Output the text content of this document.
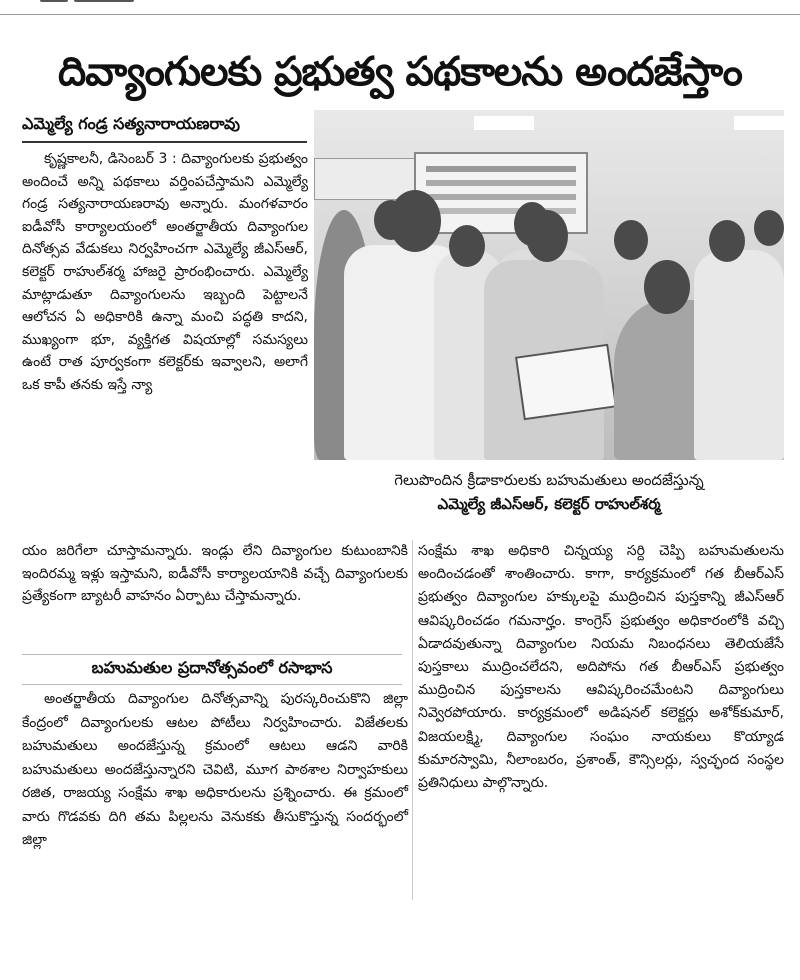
దివ్యాంగులకు ప్రభుత్వ పథకాలను అందజేస్తాం
ఎమ్మెల్యే గండ్ర సత్యనారాయణరావు

కృష్ణకాలనీ, డిసెంబర్ 3 : దివ్యాంగులకు ప్రభుత్వం అందించే అన్ని పథకాలు వర్తింపచేస్తామని ఎమ్మెల్యే గండ్ర సత్యనారాయణరావు అన్నారు. మంగళవారం ఐడీవోసీ కార్యాలయంలో అంతర్జాతీయ దివ్యాంగుల దినోత్సవ వేడుకలు నిర్వహించగా ఎమ్మెల్యే జీఎస్ఆర్, కలెక్టర్ రాహుల్‌శర్మ హాజరై ప్రారంభించారు. ఎమ్మెల్యే మాట్లాడుతూ దివ్యాంగులను ఇబ్బంది పెట్టాలనే ఆలోచన ఏ అధికారికి ఉన్నా మంచి పద్ధతి కాదని, ముఖ్యంగా భూ, వ్యక్తిగత విషయాల్లో సమస్యలు ఉంటే రాత పూర్వకంగా కలెక్టర్‌కు ఇవ్వాలని, అలాగే ఒక కాపీ తనకు ఇస్తే న్యా

గెలుపొందిన క్రీడాకారులకు బహుమతులు అందజేస్తున్న
ఎమ్మెల్యే జీఎస్ఆర్, కలెక్టర్ రాహుల్‌శర్మ

యం జరిగేలా చూస్తామన్నారు. ఇండ్లు లేని దివ్యాంగుల కుటుంబానికి ఇందిరమ్మ ఇళ్లు ఇస్తామని, ఐడీవోసీ కార్యాలయానికి వచ్చే దివ్యాంగులకు ప్రత్యేకంగా బ్యాటరీ వాహనం ఏర్పాటు చేస్తామన్నారు.

బహుమతుల ప్రదానోత్సవంలో రసాభాస

అంతర్జాతీయ దివ్యాంగుల దినోత్సవాన్ని పురస్కరించుకొని జిల్లా కేంద్రంలో దివ్యాంగులకు ఆటల పోటీలు నిర్వహించారు. విజేతలకు బహుమతులు అందజేస్తున్న క్రమంలో ఆటలు ఆడని వారికి బహుమతులు అందజేస్తున్నారని చెవిటి, మూగ పాఠశాల నిర్వాహకులు రజిత, రాజయ్య సంక్షేమ శాఖ అధికారులను ప్రశ్నించారు. ఈ క్రమంలో వారు గొడవకు దిగి తమ పిల్లలను వెనుకకు తీసుకొస్తున్న సందర్భంలో జిల్లా

సంక్షేమ శాఖ అధికారి చిన్నయ్య సర్ది చెప్పి బహుమతులను అందించడంతో శాంతించారు. కాగా, కార్యక్రమంలో గత బీఆర్ఎస్ ప్రభుత్వం దివ్యాంగుల హక్కులపై ముద్రించిన పుస్తకాన్ని జీఎస్ఆర్ ఆవిష్కరించడం గమనార్హం. కాంగ్రెస్ ప్రభుత్వం అధికారంలోకి వచ్చి ఏడాదవుతున్నా దివ్యాంగుల నియమ నిబంధనలు తెలియజేసే పుస్తకాలు ముద్రించలేదని, అదిపోను గత బీఆర్ఎస్ ప్రభుత్వం ముద్రించిన పుస్తకాలను ఆవిష్కరించమేంటని దివ్యాంగులు నివ్వెరపోయారు. కార్యక్రమంలో అడిషనల్ కలెక్టర్లు అశోక్‌కుమార్, విజయలక్ష్మి, దివ్యాంగుల సంఘం నాయకులు కొయ్యాడ కుమారస్వామి, నీలాంబరం, ప్రశాంత్, కౌన్సిలర్లు, స్వచ్ఛంద సంస్థల ప్రతినిధులు పాల్గొన్నారు.
